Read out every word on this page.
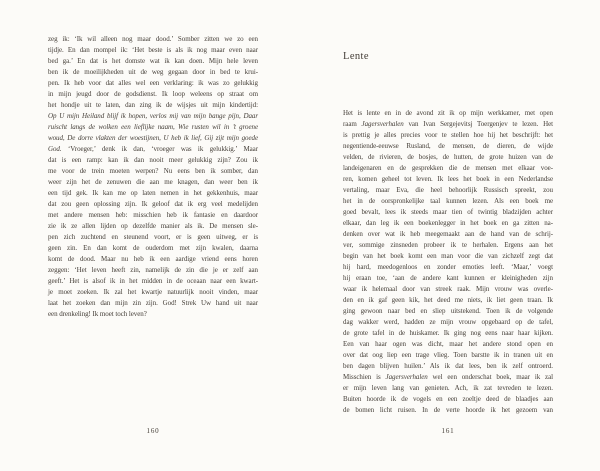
zeg ik: ‘Ik wil alleen nog maar dood.’ Somber zitten we zo een
tijdje. En dan mompel ik: ‘Het beste is als ik nog maar even naar
bed ga.’ En dat is het domste wat ik kan doen. Mijn hele leven
ben ik de moeilijkheden uit de weg gegaan door in bed te krui-
pen. Ik heb voor dat alles wel een verklaring: ik was zo gelukkig
in mijn jeugd door de godsdienst. Ik loop weleens op straat om
het hondje uit te laten, dan zing ik de wijsjes uit mijn kindertijd:
Op U mijn Heiland blijf ik hopen, verlos mij van mijn bange pijn, Daar
ruischt langs de wolken een lieflijke naam, Wie rusten wil in ’t groene
woud, De dorre vlakten der woestijnen, U heb ik lief, Gij zijt mijn goede
God. ‘Vroeger,’ denk ik dan, ‘vroeger was ik gelukkig.’ Maar
dat is een ramp: kan ik dan nooit meer gelukkig zijn? Zou ik
me voor de trein moeten werpen? Nu eens ben ik somber, dan
weer zijn het de zenuwen die aan me knagen, dan weer ben ik
een tijd gek. Ik kan me op laten nemen in het gekkenhuis, maar
dat zou geen oplossing zijn. Ik geloof dat ik erg veel medelijden
met andere mensen heb: misschien heb ik fantasie en daardoor
zie ik ze allen lijden op dezelfde manier als ik. De mensen sle-
pen zich zuchtend en steunend voort, er is geen uitweg, er is
geen zin. En dan komt de ouderdom met zijn kwalen, daarna
komt de dood. Maar nu heb ik een aardige vriend eens horen
zeggen: ‘Het leven heeft zin, namelijk de zin die je er zelf aan
geeft.’ Het is alsof ik in het midden in de oceaan naar een kwart-
je moet zoeken. Ik zal het kwartje natuurlijk nooit vinden, maar
laat het zoeken dan mijn zin zijn. God! Strek Uw hand uit naar
een drenkeling! Ik moet toch leven?
160
Lente
Het is lente en in de avond zit ik op mijn werkkamer, met open
raam Jagersverhalen van Ivan Sergejevitsj Toergenjev te lezen. Het
is prettig je alles precies voor te stellen hoe hij het beschrijft: het
negentiende-eeuwse Rusland, de mensen, de dieren, de wijde
velden, de rivieren, de bosjes, de hutten, de grote huizen van de
landeigenaren en de gesprekken die de mensen met elkaar voe-
ren, komen geheel tot leven. Ik lees het boek in een Nederlandse
vertaling, maar Eva, die heel behoorlijk Russisch spreekt, zou
het in de oorspronkelijke taal kunnen lezen. Als een boek me
goed bevalt, lees ik steeds maar tien of twintig bladzijden achter
elkaar, dan leg ik een boekenlegger in het boek en ga zitten na-
denken over wat ik heb meegemaakt aan de hand van de schrij-
ver, sommige zinsneden probeer ik te herhalen. Ergens aan het
begin van het boek komt een man voor die van zichzelf zegt dat
hij hard, meedogenloos en zonder emoties leeft. ‘Maar,’ voegt
hij eraan toe, ‘aan de andere kant kunnen er kleinigheden zijn
waar ik helemaal door van streek raak. Mijn vrouw was overle-
den en ik gaf geen kik, het deed me niets, ik liet geen traan. Ik
ging gewoon naar bed en sliep uitstekend. Toen ik de volgende
dag wakker werd, hadden ze mijn vrouw opgebaard op de tafel,
de grote tafel in de huiskamer. Ik ging nog eens naar haar kijken.
Een van haar ogen was dicht, maar het andere stond open en
over dat oog liep een trage vlieg. Toen barstte ik in tranen uit en
ben dagen blijven huilen.’ Als ik dat lees, ben ik zelf ontroerd.
Misschien is Jagersverhalen wel een onderschat boek, maar ik zal
er mijn leven lang van genieten. Ach, ik zat tevreden te lezen.
Buiten hoorde ik de vogels en een zoeltje deed de blaadjes aan
de bomen licht ruisen. In de verte hoorde ik het gezoem van
161
